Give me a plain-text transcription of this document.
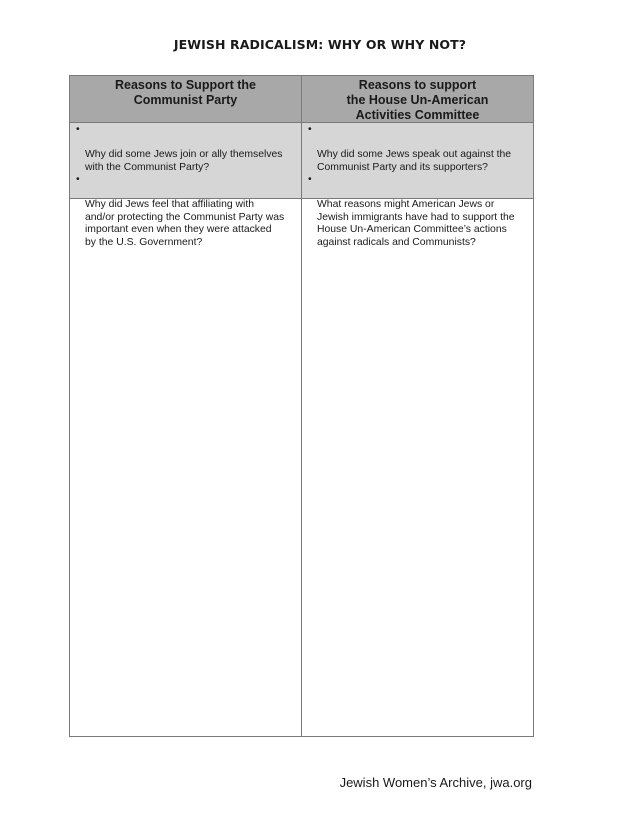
JEWISH RADICALISM: WHY OR WHY NOT?
Reasons to Support the
Communist Party
Reasons to support
the House Un-American
Activities Committee

•

Why did some Jews join or ally themselves
with the Communist Party?

•

Why did Jews feel that affiliating with
and/or protecting the Communist Party was
important even when they were attacked
by the U.S. Government?

•

Why did some Jews speak out against the
Communist Party and its supporters?

•

What reasons might American Jews or
Jewish immigrants have had to support the
House Un-American Committee’s actions
against radicals and Communists?

Jewish Women’s Archive, jwa.org
